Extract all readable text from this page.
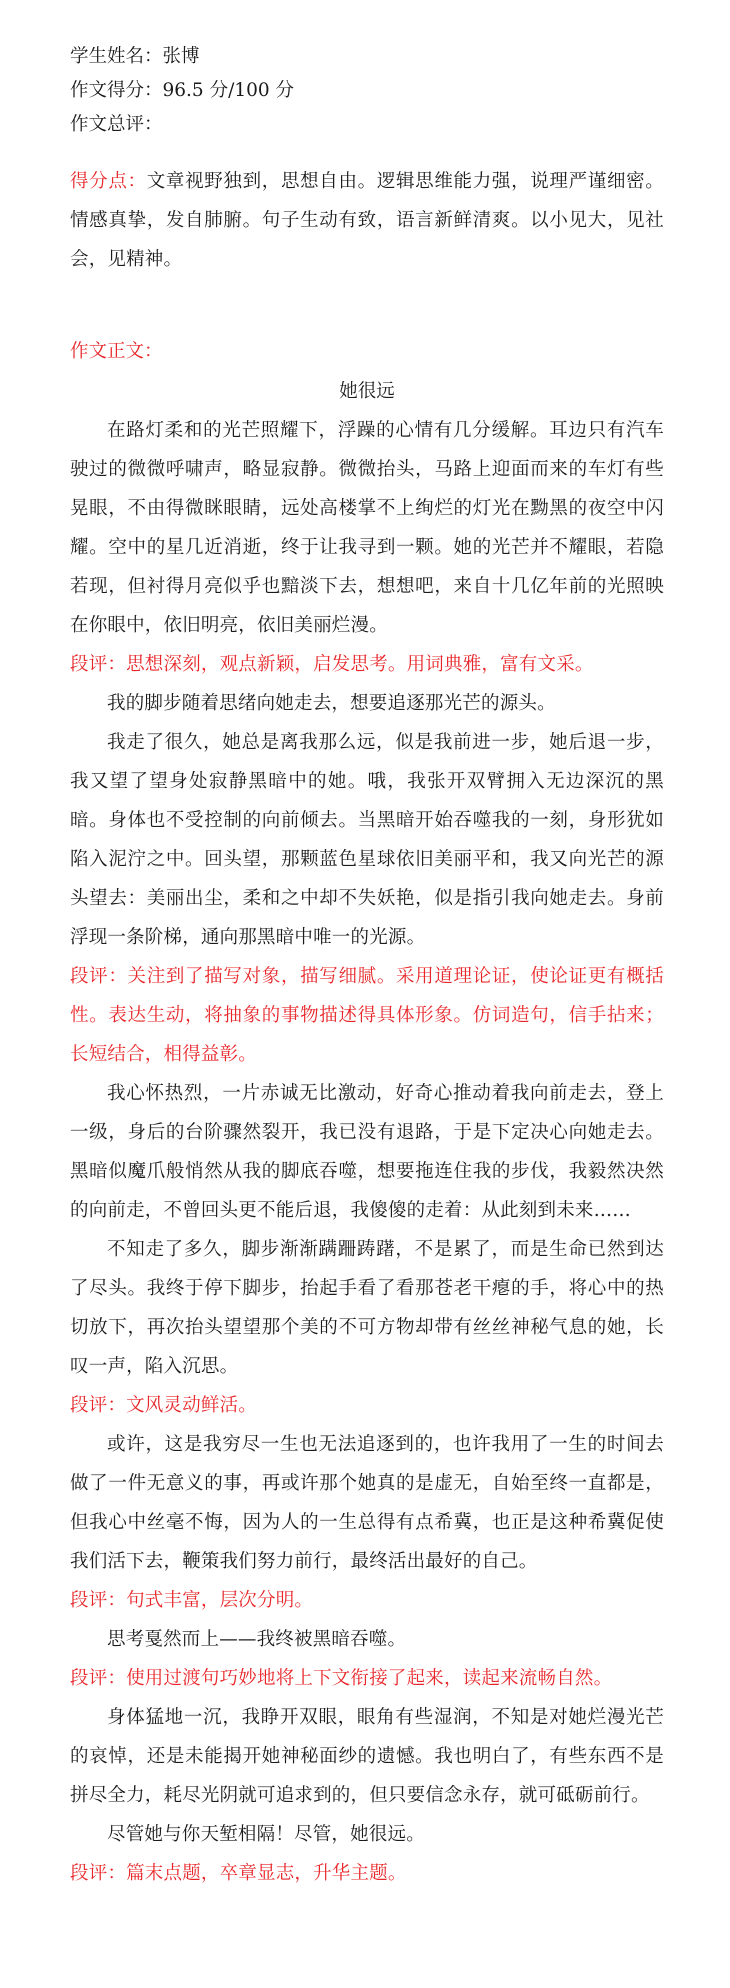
学生姓名：张博

作文得分：96.5 分/100 分

作文总评：

得分点：文章视野独到，思想自由。逻辑思维能力强，说理严谨细密。情感真挚，发自肺腑。句子生动有致，语言新鲜清爽。以小见大，见社会，见精神。

作文正文：

她很远

在路灯柔和的光芒照耀下，浮躁的心情有几分缓解。耳边只有汽车驶过的微微呼啸声，略显寂静。微微抬头，马路上迎面而来的车灯有些晃眼，不由得微眯眼睛，远处高楼掌不上绚烂的灯光在黝黑的夜空中闪耀。空中的星几近消逝，终于让我寻到一颗。她的光芒并不耀眼，若隐若现，但衬得月亮似乎也黯淡下去，想想吧，来自十几亿年前的光照映在你眼中，依旧明亮，依旧美丽烂漫。

段评：思想深刻，观点新颖，启发思考。用词典雅，富有文采。

我的脚步随着思绪向她走去，想要追逐那光芒的源头。

我走了很久，她总是离我那么远，似是我前进一步，她后退一步，我又望了望身处寂静黑暗中的她。哦，我张开双臂拥入无边深沉的黑暗。身体也不受控制的向前倾去。当黑暗开始吞噬我的一刻，身形犹如陷入泥泞之中。回头望，那颗蓝色星球依旧美丽平和，我又向光芒的源头望去：美丽出尘，柔和之中却不失妖艳，似是指引我向她走去。身前浮现一条阶梯，通向那黑暗中唯一的光源。

段评：关注到了描写对象，描写细腻。采用道理论证，使论证更有概括性。表达生动，将抽象的事物描述得具体形象。仿词造句，信手拈来；长短结合，相得益彰。

我心怀热烈，一片赤诚无比激动，好奇心推动着我向前走去，登上一级，身后的台阶骤然裂开，我已没有退路，于是下定决心向她走去。黑暗似魔爪般悄然从我的脚底吞噬，想要拖连住我的步伐，我毅然决然的向前走，不曾回头更不能后退，我傻傻的走着：从此刻到未来……

不知走了多久，脚步渐渐蹒跚踌躇，不是累了，而是生命已然到达了尽头。我终于停下脚步，抬起手看了看那苍老干瘪的手，将心中的热切放下，再次抬头望望那个美的不可方物却带有丝丝神秘气息的她，长叹一声，陷入沉思。

段评：文风灵动鲜活。

或许，这是我穷尽一生也无法追逐到的，也许我用了一生的时间去做了一件无意义的事，再或许那个她真的是虚无，自始至终一直都是，但我心中丝毫不悔，因为人的一生总得有点希冀，也正是这种希冀促使我们活下去，鞭策我们努力前行，最终活出最好的自己。

段评：句式丰富，层次分明。

思考戛然而上——我终被黑暗吞噬。

段评：使用过渡句巧妙地将上下文衔接了起来，读起来流畅自然。

身体猛地一沉，我睁开双眼，眼角有些湿润，不知是对她烂漫光芒的哀悼，还是未能揭开她神秘面纱的遗憾。我也明白了，有些东西不是拼尽全力，耗尽光阴就可追求到的，但只要信念永存，就可砥砺前行。

尽管她与你天堑相隔！尽管，她很远。

段评：篇末点题，卒章显志，升华主题。
